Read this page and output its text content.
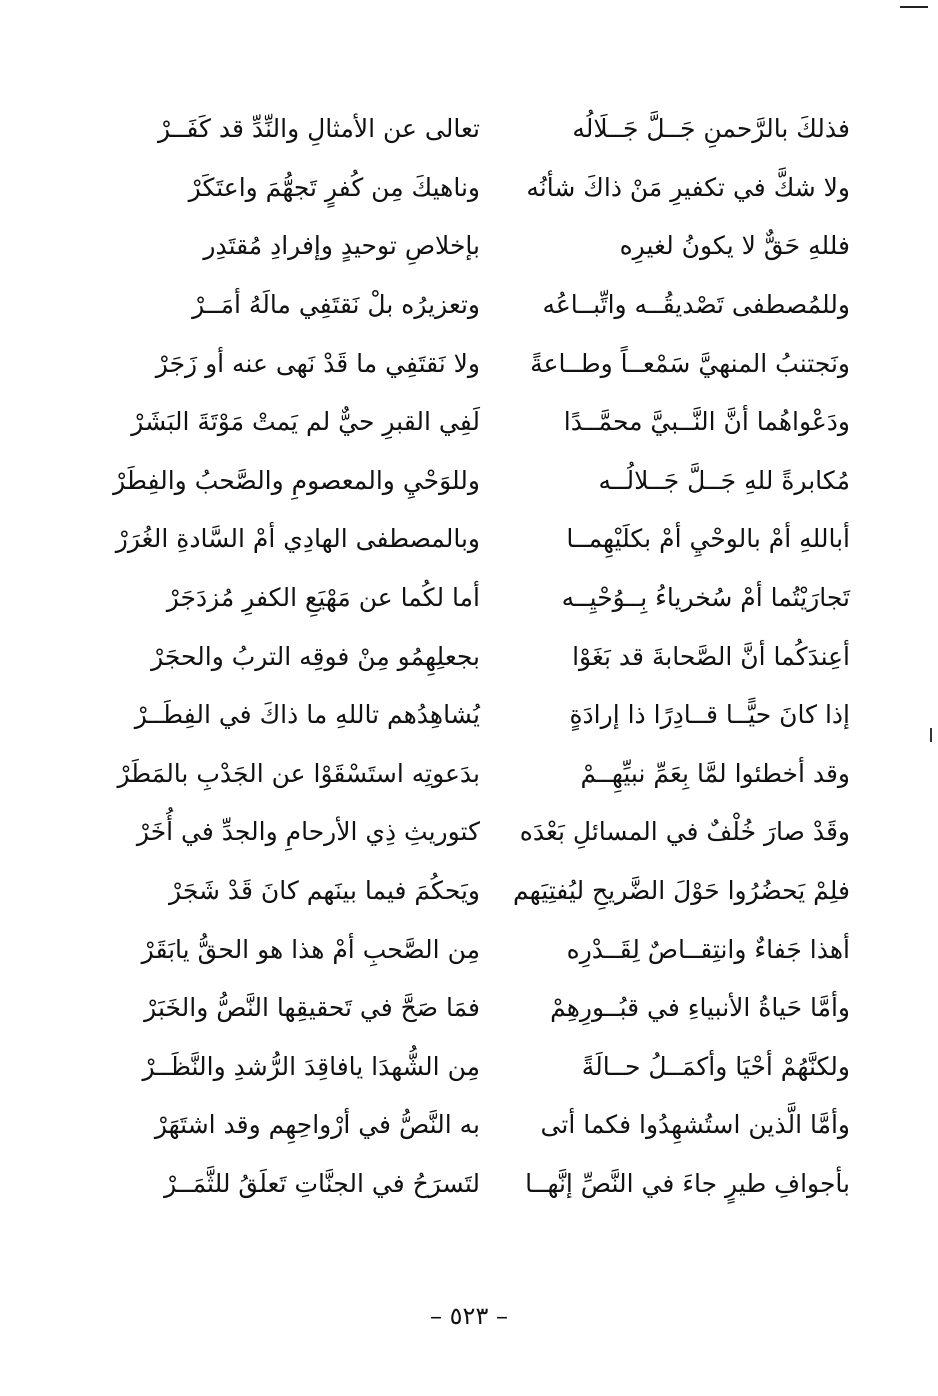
فذلكَ بالرَّحمنِ جَــلَّ جَــلَالُه
تعالى عن الأمثالِ والنِّدِّ قد كَفَــرْ
ولا شكَّ في تكفيرِ مَنْ ذاكَ شأنُه
وناهيكَ مِن كُفرٍ تَجهُّمَ واعتَكَرْ
فللهِ حَقٌّ لا يكونُ لغيرِه
بإخلاصِ توحيدٍ وإفرادِ مُقتَدِر
وللمُصطفى تَصْديقُــه واتِّبــاعُه
وتعزيرُه بلْ نَقتَفِي مالَهُ أمَــرْ
ونَجتنبُ المنهيَّ سَمْعــاً وطــاعةً
ولا نَقتَفِي ما قَدْ نَهى عنه أو زَجَرْ
ودَعْواهُما أنَّ النَّــبيَّ محمَّــدًا
لَفِي القبرِ حيٌّ لم يَمتْ مَوْتَةَ البَشَرْ
مُكابرةً للهِ جَــلَّ جَــلالُــه
وللوَحْيِ والمعصومِ والصَّحبُ والفِطَرْ
أباللهِ أمْ بالوحْيِ أمْ بكلَيْهِمــا
وبالمصطفى الهادِي أمْ السَّادةِ الغُرَرْ
تَجارَيْتُما أمْ سُخرياءُ بِــوُحْيِــه
أما لكُما عن مَهْيَعِ الكفرِ مُزدَجَرْ
أعِندَكُما أنَّ الصَّحابةَ قد بَغَوْا
بجعلِهِمُو مِنْ فوقِه التربُ والحجَرْ
إذا كانَ حيًّــا قــادِرًا ذا إرادَةٍ
يُشاهِدُهم تاللهِ ما ذاكَ في الفِطَــرْ
وقد أخطئوا لمَّا بِعَمِّ نبيِّهِــمْ
بدَعوتِه استَسْقَوْا عن الجَدْبِ بالمَطَرْ
وقَدْ صارَ خُلْفٌ في المسائلِ بَعْدَه
كتوريثِ ذِي الأرحامِ والجدِّ في أُخَرْ
فلِمْ يَحضُرُوا حَوْلَ الضَّريحِ ليُفتِيَهم
ويَحكُمَ فيما بينَهم كانَ قَدْ شَجَرْ
أهذا جَفاءٌ وانتِقــاصٌ لِقَــدْرِه
مِن الصَّحبِ أمْ هذا هو الحقُّ يابَقَرْ
وأمَّا حَياةُ الأنبياءِ في قبُــورِهِمْ
فمَا صَحَّ في تَحقيقِها النَّصُّ والخَبَرْ
ولكنَّهُمْ أحْيَا وأكمَــلُ حــالَةً
مِن الشُّهدَا يافاقِدَ الرُّشدِ والنَّظَــرْ
وأمَّا الَّذين استُشهِدُوا فكما أتى
به النَّصُّ في أرْواحِهِم وقد اشتَهَرْ
بأجوافِ طيرٍ جاءَ في النَّصِّ إنَّهــا
لتَسرَحُ في الجنَّاتِ تَعلَقُ للثَّمَــرْ
– ٥٢٣ –
